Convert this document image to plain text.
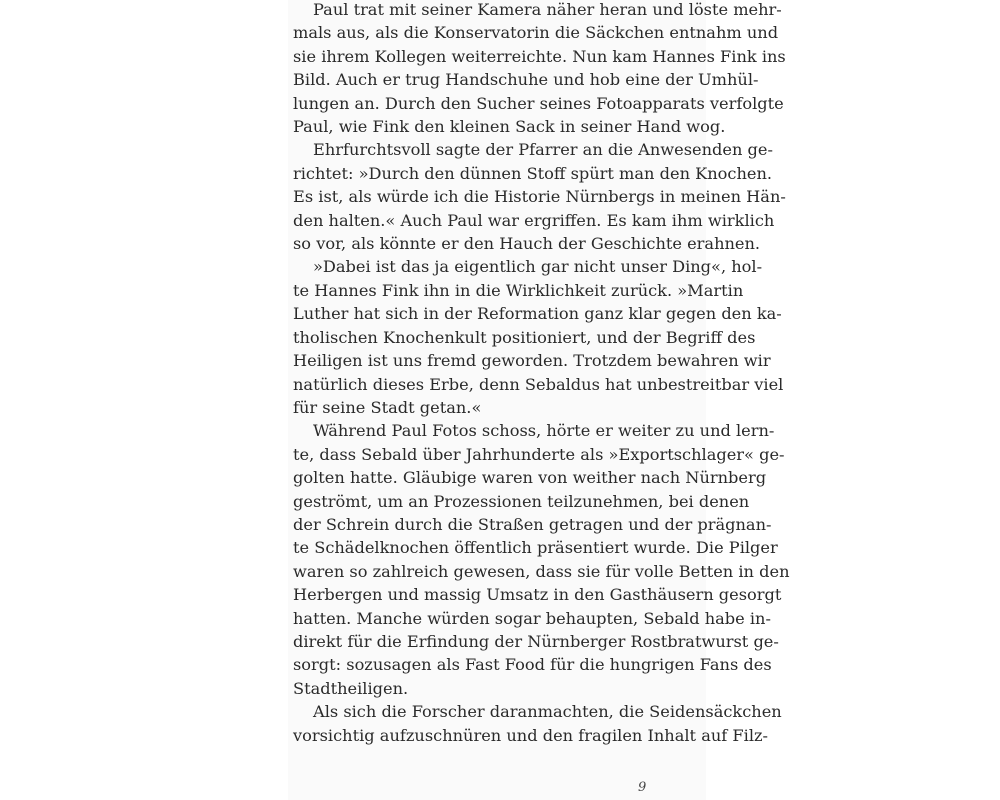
Paul trat mit seiner Kamera näher heran und löste mehr-
mals aus, als die Konservatorin die Säckchen entnahm und
sie ihrem Kollegen weiterreichte. Nun kam Hannes Fink ins
Bild. Auch er trug Handschuhe und hob eine der Umhül-
lungen an. Durch den Sucher seines Fotoapparats verfolgte
Paul, wie Fink den kleinen Sack in seiner Hand wog.
Ehrfurchtsvoll sagte der Pfarrer an die Anwesenden ge-
richtet: »Durch den dünnen Stoff spürt man den Knochen.
Es ist, als würde ich die Historie Nürnbergs in meinen Hän-
den halten.« Auch Paul war ergriffen. Es kam ihm wirklich
so vor, als könnte er den Hauch der Geschichte erahnen.
»Dabei ist das ja eigentlich gar nicht unser Ding«, hol-
te Hannes Fink ihn in die Wirklichkeit zurück. »Martin
Luther hat sich in der Reformation ganz klar gegen den ka-
tholischen Knochenkult positioniert, und der Begriff des
Heiligen ist uns fremd geworden. Trotzdem bewahren wir
natürlich dieses Erbe, denn Sebaldus hat unbestreitbar viel
für seine Stadt getan.«
Während Paul Fotos schoss, hörte er weiter zu und lern-
te, dass Sebald über Jahrhunderte als »Exportschlager« ge-
golten hatte. Gläubige waren von weither nach Nürnberg
geströmt, um an Prozessionen teilzunehmen, bei denen
der Schrein durch die Straßen getragen und der prägnan-
te Schädelknochen öffentlich präsentiert wurde. Die Pilger
waren so zahlreich gewesen, dass sie für volle Betten in den
Herbergen und massig Umsatz in den Gasthäusern gesorgt
hatten. Manche würden sogar behaupten, Sebald habe in-
direkt für die Erfindung der Nürnberger Rostbratwurst ge-
sorgt: sozusagen als Fast Food für die hungrigen Fans des
Stadtheiligen.
Als sich die Forscher daranmachten, die Seidensäckchen
vorsichtig aufzuschnüren und den fragilen Inhalt auf Filz-
9
